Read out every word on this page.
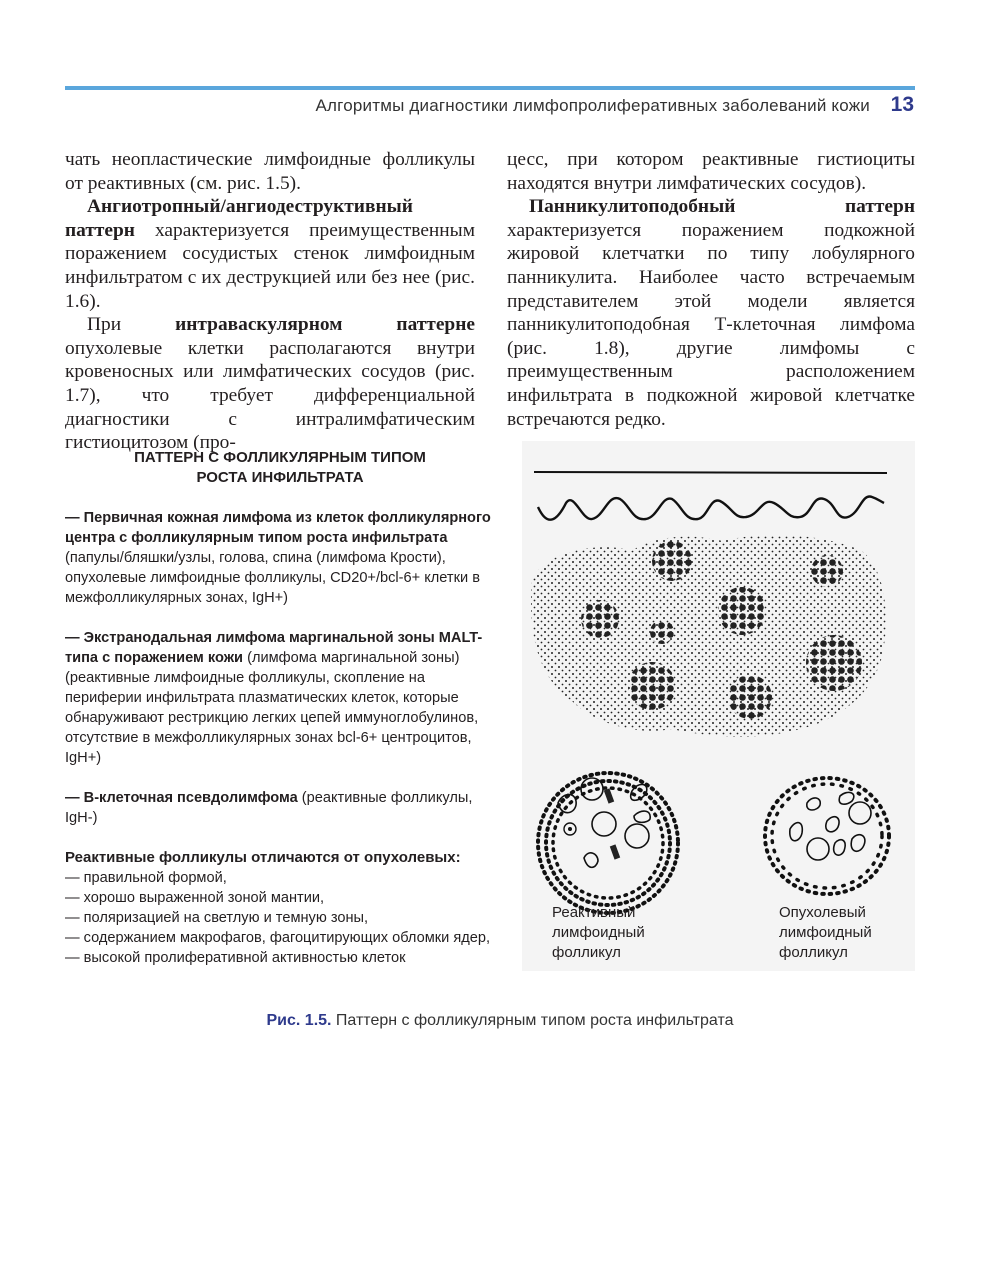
Алгоритмы диагностики лимфопролиферативных заболеваний кожи 13

чать неопластические лимфоидные фолликулы от реактивных (см. рис. 1.5).

Ангиотропный/ангиодеструктивный паттерн характеризуется преимущественным поражением сосудистых стенок лимфоидным инфильтратом с их деструкцией или без нее (рис. 1.6).

При интраваскулярном паттерне опухолевые клетки располагаются внутри кровеносных или лимфатических сосудов (рис. 1.7), что требует дифференциальной диагностики с интралимфатическим гистиоцитозом (про-

цесс, при котором реактивные гистиоциты находятся внутри лимфатических сосудов).

Панникулитоподобный паттерн характеризуется поражением подкожной жировой клетчатки по типу лобулярного панникулита. Наиболее часто встречаемым представителем этой модели является панникулитоподобная Т-клеточная лимфома (рис. 1.8), другие лимфомы с преимущественным расположением инфильтрата в подкожной жировой клетчатке встречаются редко.

ПАТТЕРН С ФОЛЛИКУЛЯРНЫМ ТИПОМ
РОСТА ИНФИЛЬТРАТА
— Первичная кожная лимфома из клеток фолликулярного центра с фолликулярным типом роста инфильтрата (папулы/бляшки/узлы, голова, спина (лимфома Крости), опухолевые лимфоидные фолликулы, CD20+/bcl-6+ клетки в межфолликулярных зонах, IgH+)
— Экстранодальная лимфома маргинальной зоны MALT-типа с поражением кожи (лимфома маргинальной зоны) (реактивные лимфоидные фолликулы, скопление на периферии инфильтрата плазматических клеток, которые обнаруживают рестрикцию легких цепей иммуноглобулинов, отсутствие в межфолликулярных зонах bcl-6+ центроцитов, IgH+)
— B-клеточная псевдолимфома (реактивные фолликулы, IgH-)
Реактивные фолликулы отличаются от опухолевых:
— правильной формой,
— хорошо выраженной зоной мантии,
— поляризацией на светлую и темную зоны,
— содержанием макрофагов, фагоцитирующих обломки ядер,
— высокой пролиферативной активностью клеток
Реактивный
лимфоидный
фолликул
Опухолевый
лимфоидный
фолликул
Рис. 1.5. Паттерн с фолликулярным типом роста инфильтрата
